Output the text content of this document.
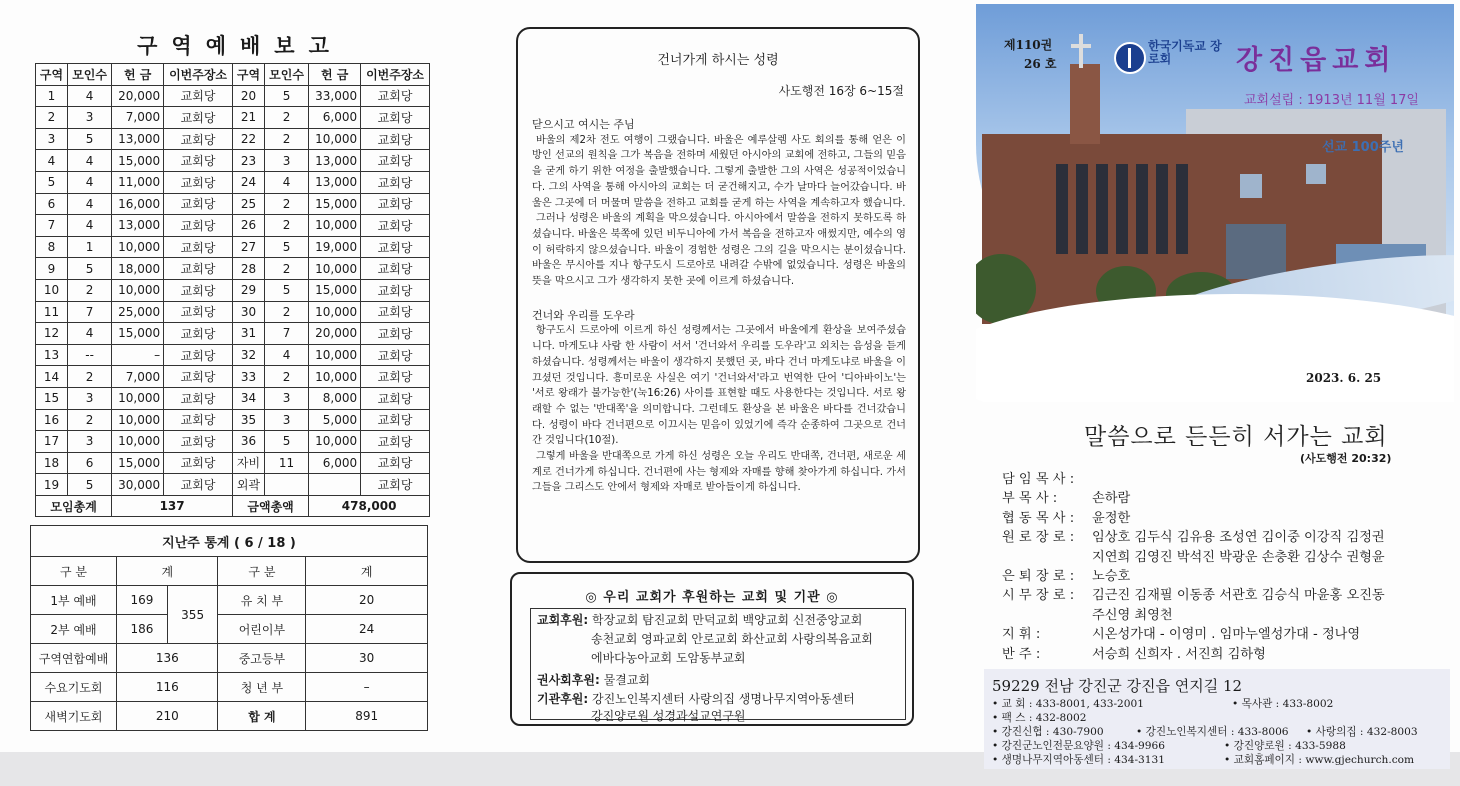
구역예배보고
구역	모인수	헌 금	이번주장소	구역	모인수	헌 금	이번주장소
1	4	20,000	교회당	20	5	33,000	교회당
2	3	7,000	교회당	21	2	6,000	교회당
3	5	13,000	교회당	22	2	10,000	교회당
4	4	15,000	교회당	23	3	13,000	교회당
5	4	11,000	교회당	24	4	13,000	교회당
6	4	16,000	교회당	25	2	15,000	교회당
7	4	13,000	교회당	26	2	10,000	교회당
8	1	10,000	교회당	27	5	19,000	교회당
9	5	18,000	교회당	28	2	10,000	교회당
10	2	10,000	교회당	29	5	15,000	교회당
11	7	25,000	교회당	30	2	10,000	교회당
12	4	15,000	교회당	31	7	20,000	교회당
13	--	–	교회당	32	4	10,000	교회당
14	2	7,000	교회당	33	2	10,000	교회당
15	3	10,000	교회당	34	3	8,000	교회당
16	2	10,000	교회당	35	3	5,000	교회당
17	3	10,000	교회당	36	5	10,000	교회당
18	6	15,000	교회당	자비	11	6,000	교회당
19	5	30,000	교회당	외곽			교회당
모임총계		137		금액총액		478,000	
지난주 통계 ( 6 / 18 )				
구 분	계		구 분	계
1부 예배	169	355	유 치 부	20
2부 예배	186		어린이부	24
구역연합예배	136		중고등부	30
수요기도회	116		청 년 부	–
새벽기도회	210		합 계	891
건너가게 하시는 성령
사도행전 16장 6~15절
닫으시고 여시는 주님

바울의 제2차 전도 여행이 그랬습니다. 바울은 예루살렘 사도 회의를 통해 얻은 이방인 선교의 원칙을 그가 복음을 전하며 세웠던 아시아의 교회에 전하고, 그들의 믿음을 굳게 하기 위한 여정을 출발했습니다. 그렇게 출발한 그의 사역은 성공적이었습니다. 그의 사역을 통해 아시아의 교회는 더 굳건해지고, 수가 날마다 늘어갔습니다. 바울은 그곳에 더 머물며 말씀을 전하고 교회를 굳게 하는 사역을 계속하고자 했습니다.

그러나 성령은 바울의 계획을 막으셨습니다. 아시아에서 말씀을 전하지 못하도록 하셨습니다. 바울은 북쪽에 있던 비두니아에 가서 복음을 전하고자 애썼지만, 예수의 영이 허락하지 않으셨습니다. 바울이 경험한 성령은 그의 길을 막으시는 분이셨습니다. 바울은 무시아를 지나 항구도시 드로아로 내려갈 수밖에 없었습니다. 성령은 바울의 뜻을 막으시고 그가 생각하지 못한 곳에 이르게 하셨습니다.

건너와 우리를 도우라

항구도시 드로아에 이르게 하신 성령께서는 그곳에서 바울에게 환상을 보여주셨습니다. 마게도냐 사람 한 사람이 서서 '건너와서 우리를 도우라'고 외치는 음성을 듣게 하셨습니다. 성령께서는 바울이 생각하지 못했던 곳, 바다 건너 마게도냐로 바울을 이끄셨던 것입니다. 흥미로운 사실은 여기 '건너와서'라고 번역한 단어 '디아바이노'는 '서로 왕래가 불가능한'(눅16:26) 사이를 표현할 때도 사용한다는 것입니다. 서로 왕래할 수 없는 '반대쪽'을 의미합니다. 그런데도 환상을 본 바울은 바다를 건너갔습니다. 성령이 바다 건너편으로 이끄시는 믿음이 있었기에 즉각 순종하여 그곳으로 건너간 것입니다(10절).

그렇게 바울을 반대쪽으로 가게 하신 성령은 오늘 우리도 반대쪽, 건너편, 새로운 세계로 건너가게 하십니다. 건너편에 사는 형제와 자매를 향해 찾아가게 하십니다. 가서 그들을 그리스도 안에서 형제와 자매로 받아들이게 하십니다.

◎ 우리 교회가 후원하는 교회 및 기관 ◎
교회후원: 학장교회 탐진교회 만덕교회 백양교회 신전중앙교회
송천교회 영파교회 안로교회 화산교회 사랑의복음교회
에바다농아교회 도암동부교회
권사회후원: 물결교회
기관후원: 강진노인복지센터 사랑의집 생명나무지역아동센터
강진양로원 성경과설교연구원
선교 100주년
제110권
26 호
한국기독교 장로회	강진읍교회
교회설립 : 1913년 11월 17일
2023. 6. 25
말씀으로 든든히 서가는 교회
(사도행전 20:32)
담 임 목 사 :
부 목 사 :	손하람
협 동 목 사 :	윤정한
원 로 장 로 :	임상호 김두식 김유용 조성연 김이중 이강직 김정권
지연희 김영진 박석진 박광운 손충환 김상수 권형윤
은 퇴 장 로 :	노승호
시 무 장 로 :	김근진 김재필 이동종 서관호 김승식 마윤홍 오진동
주신영 최영천
지 휘 :	시온성가대 - 이영미 . 임마누엘성가대 - 정나영
반 주 :	서승희 신희자 . 서진희 김하형
59229 전남 강진군 강진읍 연지길 12
• 교 회 : 433-8001, 433-2001	• 목사관 : 433-8002
• 팩 스 : 432-8002
• 강진신협 : 430-7900	• 강진노인복지센터 : 433-8006 • 사랑의집 : 432-8003
• 강진군노인전문요양원 : 434-9966	• 강진양로원 : 433-5988
• 생명나무지역아동센터 : 434-3131	• 교회홈페이지 : www.gjechurch.com
